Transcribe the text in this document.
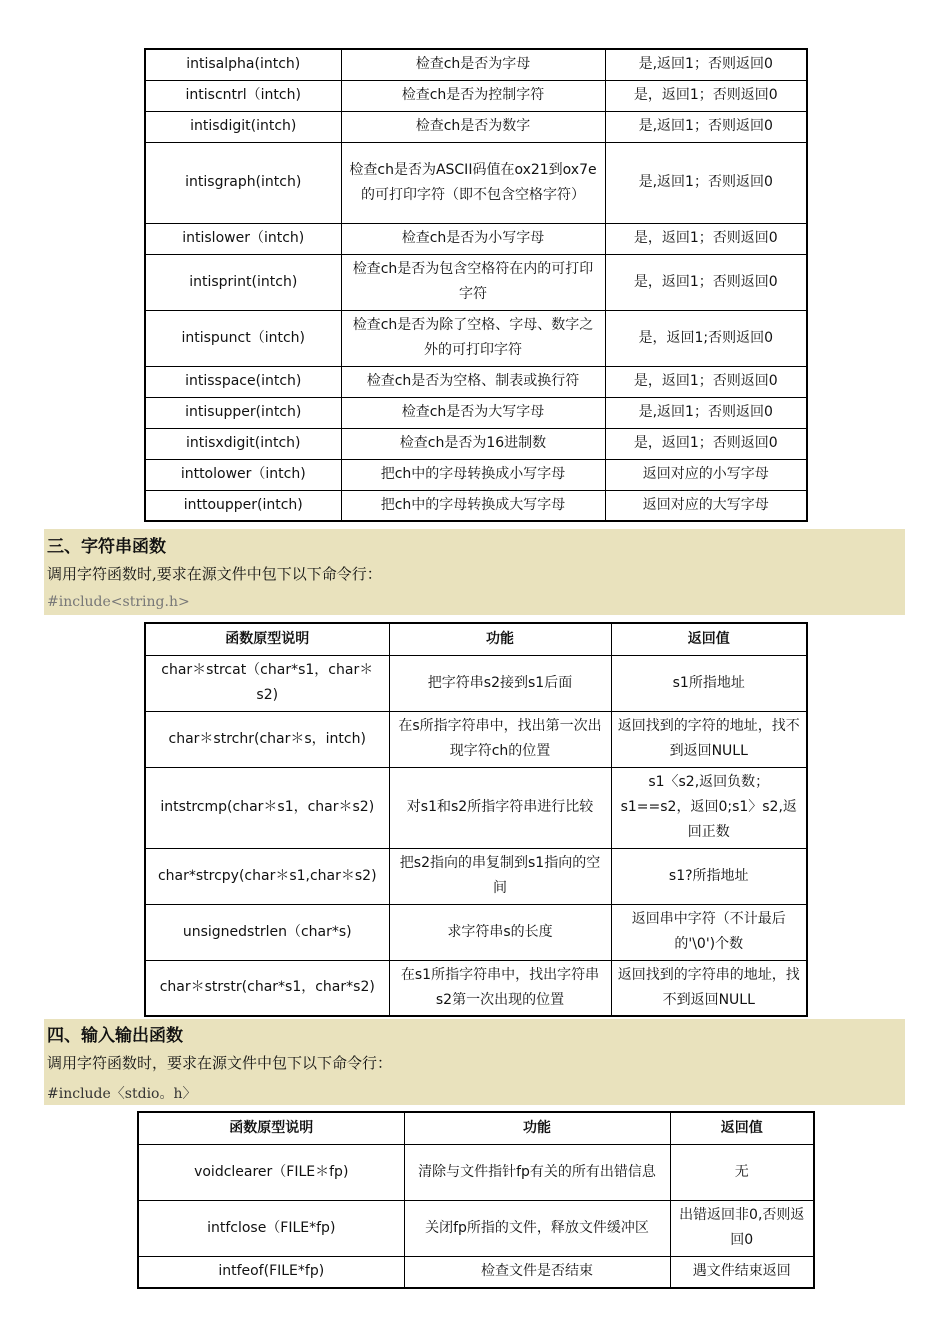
intisalpha(intch)	检查ch是否为字母	是,返回1；否则返回0
intiscntrl（intch)	检查ch是否为控制字符	是，返回1；否则返回0
intisdigit(intch)	检查ch是否为数字	是,返回1；否则返回0
intisgraph(intch)	检查ch是否为ASCII码值在ox21到ox7e的可打印字符（即不包含空格字符）	是,返回1；否则返回0
intislower（intch)	检查ch是否为小写字母	是，返回1；否则返回0
intisprint(intch)	检查ch是否为包含空格符在内的可打印字符	是，返回1；否则返回0
intispunct（intch)	检查ch是否为除了空格、字母、数字之外的可打印字符	是，返回1;否则返回0
intisspace(intch)	检查ch是否为空格、制表或换行符	是，返回1；否则返回0
intisupper(intch)	检查ch是否为大写字母	是,返回1；否则返回0
intisxdigit(intch)	检查ch是否为16进制数	是，返回1；否则返回0
inttolower（intch)	把ch中的字母转换成小写字母	返回对应的小写字母
inttoupper(intch)	把ch中的字母转换成大写字母	返回对应的大写字母
三、字符串函数
调用字符函数时,要求在源文件中包下以下命令行：
#include<string.h>
函数原型说明	功能	返回值
char＊strcat（char*s1，char＊s2)	把字符串s2接到s1后面	s1所指地址
char＊strchr(char＊s，intch)	在s所指字符串中，找出第一次出现字符ch的位置	返回找到的字符的地址，找不到返回NULL
intstrcmp(char＊s1，char＊s2)	对s1和s2所指字符串进行比较	s1〈s2,返回负数；s1==s2，返回0;s1〉s2,返回正数
char*strcpy(char＊s1,char＊s2)	把s2指向的串复制到s1指向的空间	s1?所指地址
unsignedstrlen（char*s)	求字符串s的长度	返回串中字符（不计最后的'\0')个数
char＊strstr(char*s1，char*s2)	在s1所指字符串中，找出字符串s2第一次出现的位置	返回找到的字符串的地址，找不到返回NULL
四、输入输出函数
调用字符函数时，要求在源文件中包下以下命令行：
#include〈stdio。h〉
函数原型说明	功能	返回值
voidclearer（FILE＊fp)	清除与文件指针fp有关的所有出错信息	无
intfclose（FILE*fp)	关闭fp所指的文件，释放文件缓冲区	出错返回非0,否则返回0
intfeof(FILE*fp)	检查文件是否结束	遇文件结束返回
